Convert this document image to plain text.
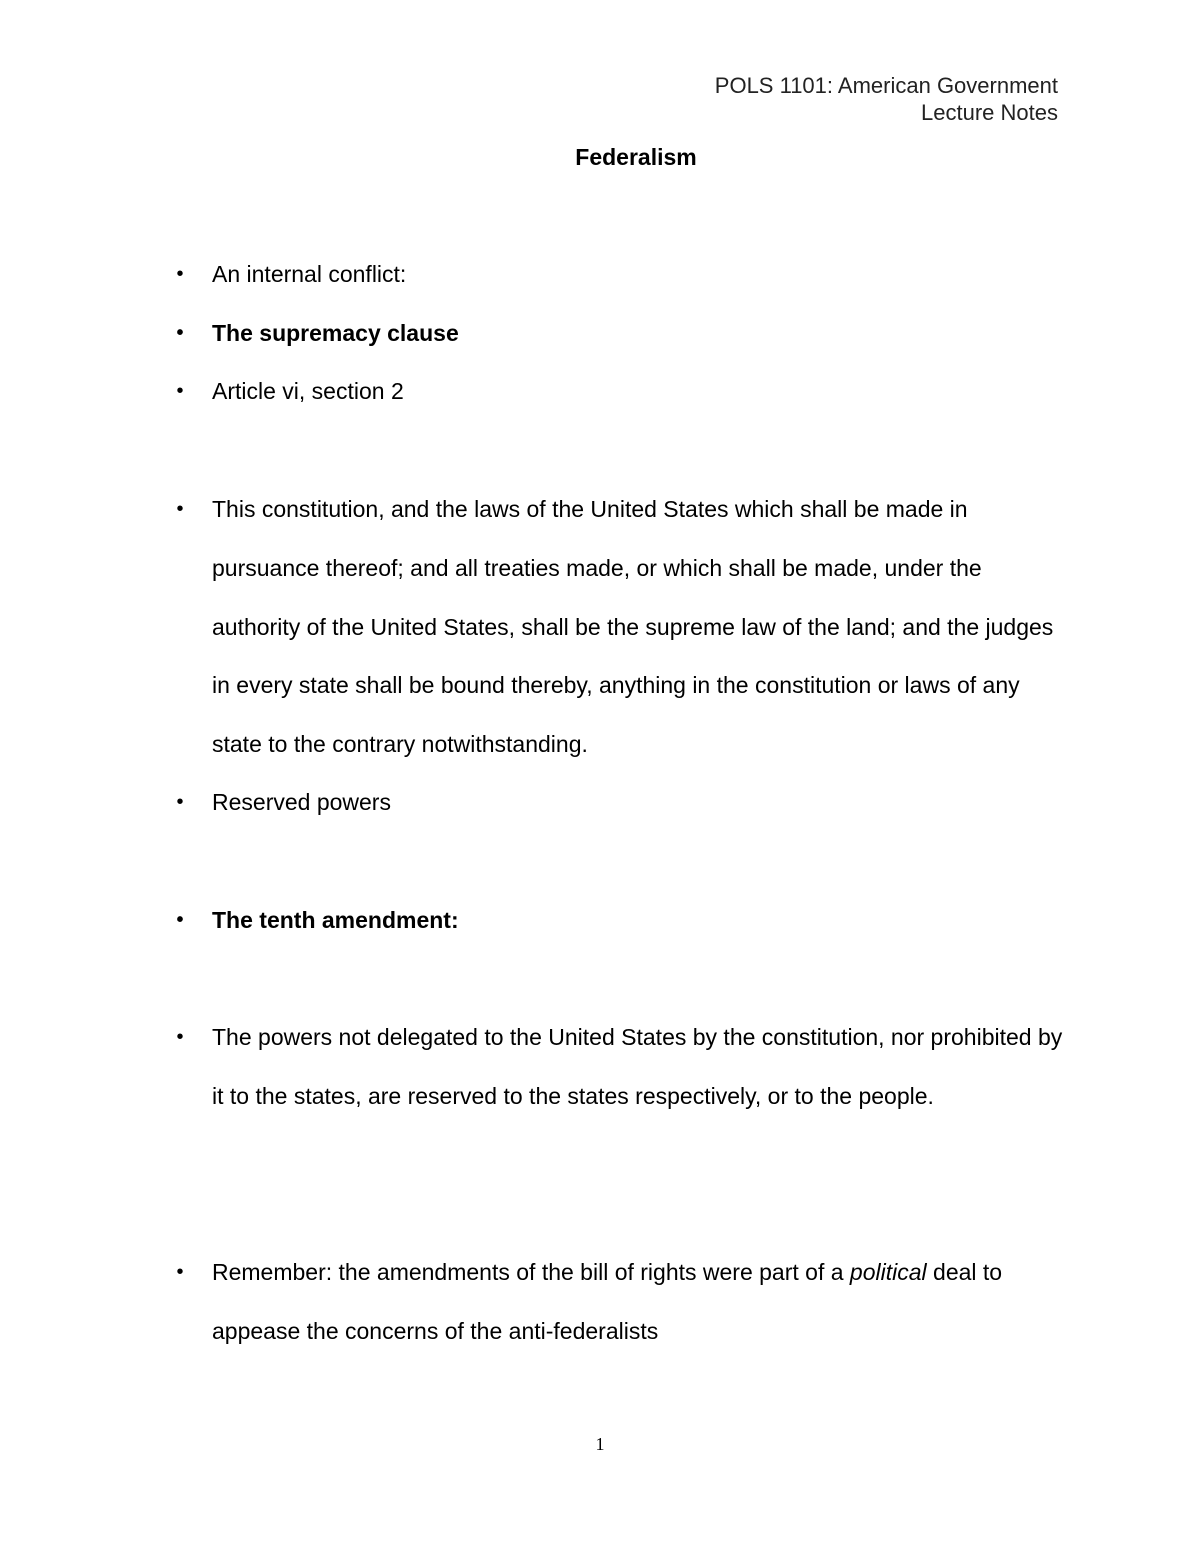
POLS 1101: American Government
Lecture Notes
Federalism
• An internal conflict:
• The supremacy clause
• Article vi, section 2
• This constitution, and the laws of the United States which shall be made in pursuance thereof; and all treaties made, or which shall be made, under the authority of the United States, shall be the supreme law of the land; and the judges in every state shall be bound thereby, anything in the constitution or laws of any state to the contrary notwithstanding.
• Reserved powers
• The tenth amendment:
• The powers not delegated to the United States by the constitution, nor prohibited by it to the states, are reserved to the states respectively, or to the people.
• Remember: the amendments of the bill of rights were part of a political deal to appease the concerns of the anti-federalists
1
